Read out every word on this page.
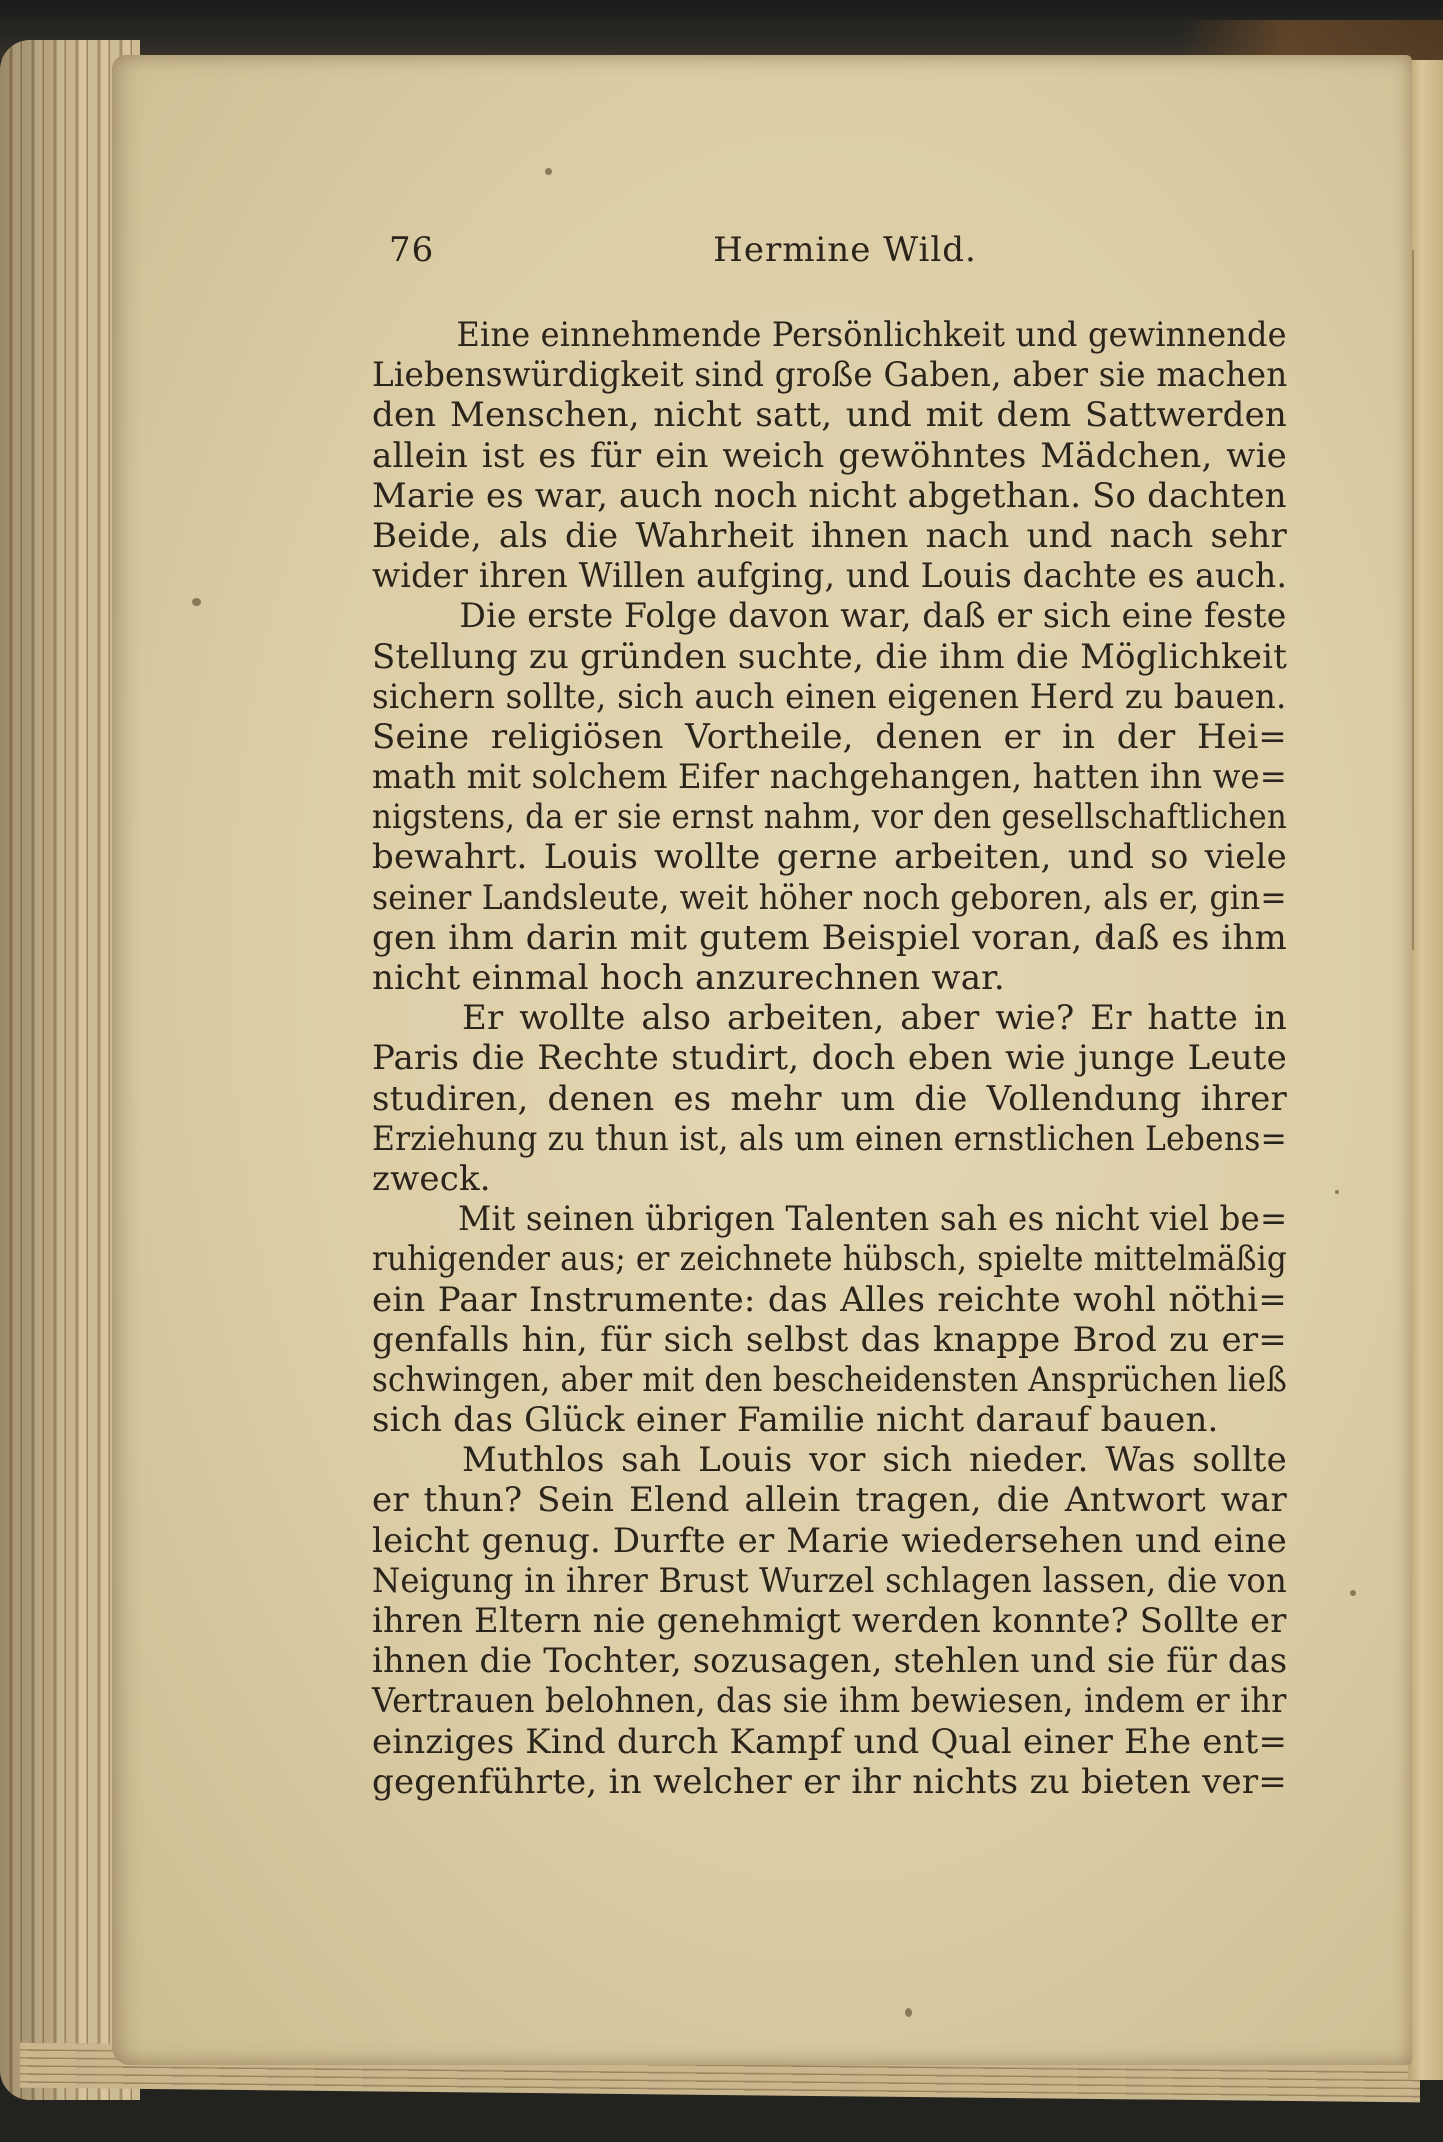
76	Hermine Wild.
Eine einnehmende Persönlichkeit und gewinnende
Liebenswürdigkeit sind große Gaben, aber sie machen
den Menschen, nicht satt, und mit dem Sattwerden
allein ist es für ein weich gewöhntes Mädchen, wie
Marie es war, auch noch nicht abgethan. So dachten
Beide, als die Wahrheit ihnen nach und nach sehr
wider ihren Willen aufging, und Louis dachte es auch.
Die erste Folge davon war, daß er sich eine feste
Stellung zu gründen suchte, die ihm die Möglichkeit
sichern sollte, sich auch einen eigenen Herd zu bauen.
Seine religiösen Vortheile, denen er in der Hei=
math mit solchem Eifer nachgehangen, hatten ihn we=
nigstens, da er sie ernst nahm, vor den gesellschaftlichen
bewahrt. Louis wollte gerne arbeiten, und so viele
seiner Landsleute, weit höher noch geboren, als er, gin=
gen ihm darin mit gutem Beispiel voran, daß es ihm
nicht einmal hoch anzurechnen war.
Er wollte also arbeiten, aber wie? Er hatte in
Paris die Rechte studirt, doch eben wie junge Leute
studiren, denen es mehr um die Vollendung ihrer
Erziehung zu thun ist, als um einen ernstlichen Lebens=
zweck.
Mit seinen übrigen Talenten sah es nicht viel be=
ruhigender aus; er zeichnete hübsch, spielte mittelmäßig
ein Paar Instrumente: das Alles reichte wohl nöthi=
genfalls hin, für sich selbst das knappe Brod zu er=
schwingen, aber mit den bescheidensten Ansprüchen ließ
sich das Glück einer Familie nicht darauf bauen.
Muthlos sah Louis vor sich nieder. Was sollte
er thun? Sein Elend allein tragen, die Antwort war
leicht genug. Durfte er Marie wiedersehen und eine
Neigung in ihrer Brust Wurzel schlagen lassen, die von
ihren Eltern nie genehmigt werden konnte? Sollte er
ihnen die Tochter, sozusagen, stehlen und sie für das
Vertrauen belohnen, das sie ihm bewiesen, indem er ihr
einziges Kind durch Kampf und Qual einer Ehe ent=
gegenführte, in welcher er ihr nichts zu bieten ver=
